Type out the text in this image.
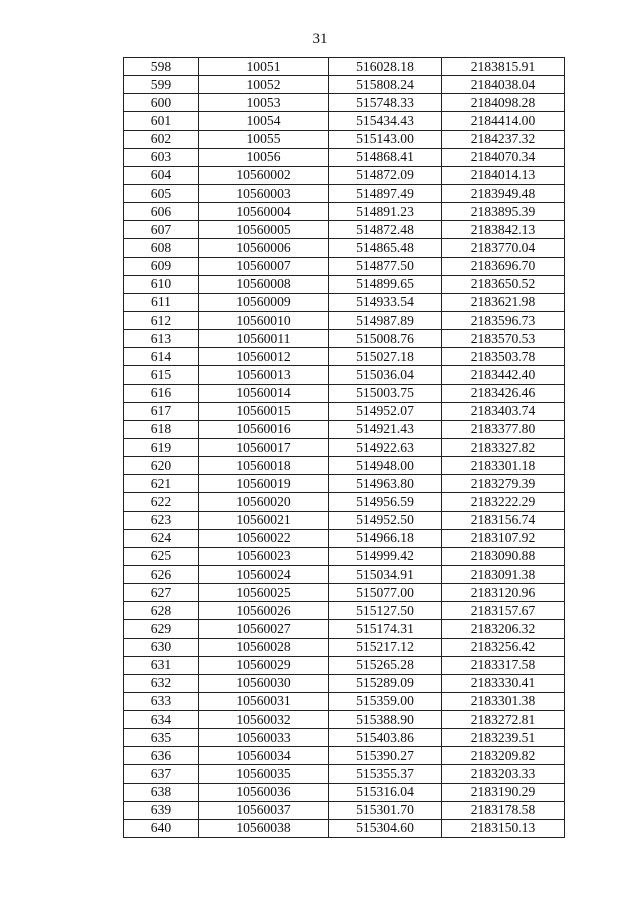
31
598	10051	516028.18	2183815.91
599	10052	515808.24	2184038.04
600	10053	515748.33	2184098.28
601	10054	515434.43	2184414.00
602	10055	515143.00	2184237.32
603	10056	514868.41	2184070.34
604	10560002	514872.09	2184014.13
605	10560003	514897.49	2183949.48
606	10560004	514891.23	2183895.39
607	10560005	514872.48	2183842.13
608	10560006	514865.48	2183770.04
609	10560007	514877.50	2183696.70
610	10560008	514899.65	2183650.52
611	10560009	514933.54	2183621.98
612	10560010	514987.89	2183596.73
613	10560011	515008.76	2183570.53
614	10560012	515027.18	2183503.78
615	10560013	515036.04	2183442.40
616	10560014	515003.75	2183426.46
617	10560015	514952.07	2183403.74
618	10560016	514921.43	2183377.80
619	10560017	514922.63	2183327.82
620	10560018	514948.00	2183301.18
621	10560019	514963.80	2183279.39
622	10560020	514956.59	2183222.29
623	10560021	514952.50	2183156.74
624	10560022	514966.18	2183107.92
625	10560023	514999.42	2183090.88
626	10560024	515034.91	2183091.38
627	10560025	515077.00	2183120.96
628	10560026	515127.50	2183157.67
629	10560027	515174.31	2183206.32
630	10560028	515217.12	2183256.42
631	10560029	515265.28	2183317.58
632	10560030	515289.09	2183330.41
633	10560031	515359.00	2183301.38
634	10560032	515388.90	2183272.81
635	10560033	515403.86	2183239.51
636	10560034	515390.27	2183209.82
637	10560035	515355.37	2183203.33
638	10560036	515316.04	2183190.29
639	10560037	515301.70	2183178.58
640	10560038	515304.60	2183150.13
